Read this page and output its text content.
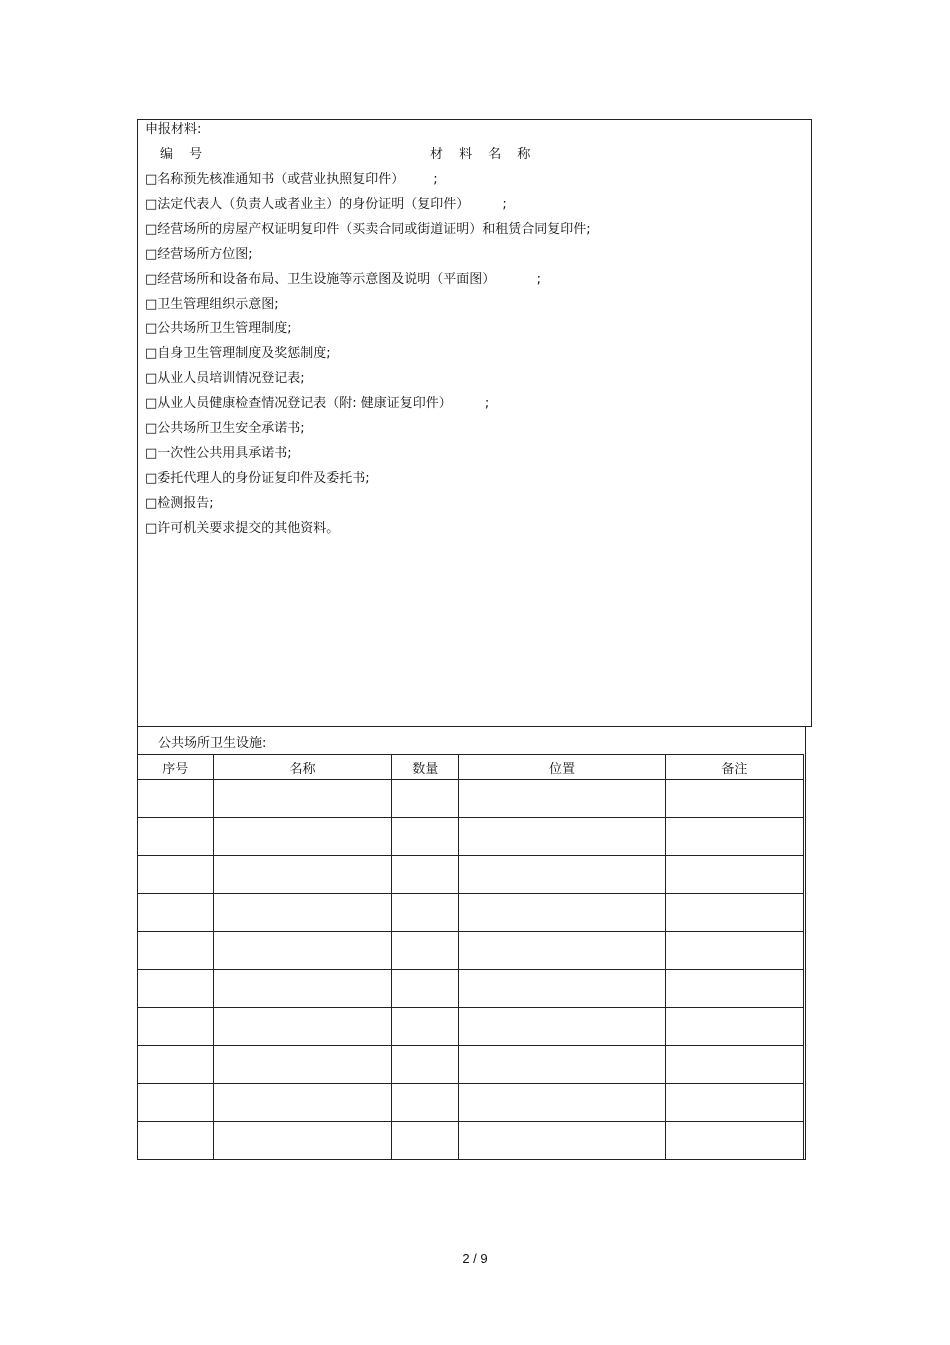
申报材料:
编 号	材 料 名 称
□名称预先核准通知书（或营业执照复印件）       ;
□法定代表人（负责人或者业主）的身份证明（复印件）        ;
□经营场所的房屋产权证明复印件（买卖合同或街道证明）和租赁合同复印件;
□经营场所方位图;
□经营场所和设备布局、卫生设施等示意图及说明（平面图）          ;
□卫生管理组织示意图;
□公共场所卫生管理制度;
□自身卫生管理制度及奖惩制度;
□从业人员培训情况登记表;
□从业人员健康检查情况登记表（附: 健康证复印件）        ;
□公共场所卫生安全承诺书;
□一次性公共用具承诺书;
□委托代理人的身份证复印件及委托书;
□检测报告;
□许可机关要求提交的其他资料。
公共场所卫生设施:
序号	名称	数量	位置	备注

2 / 9
